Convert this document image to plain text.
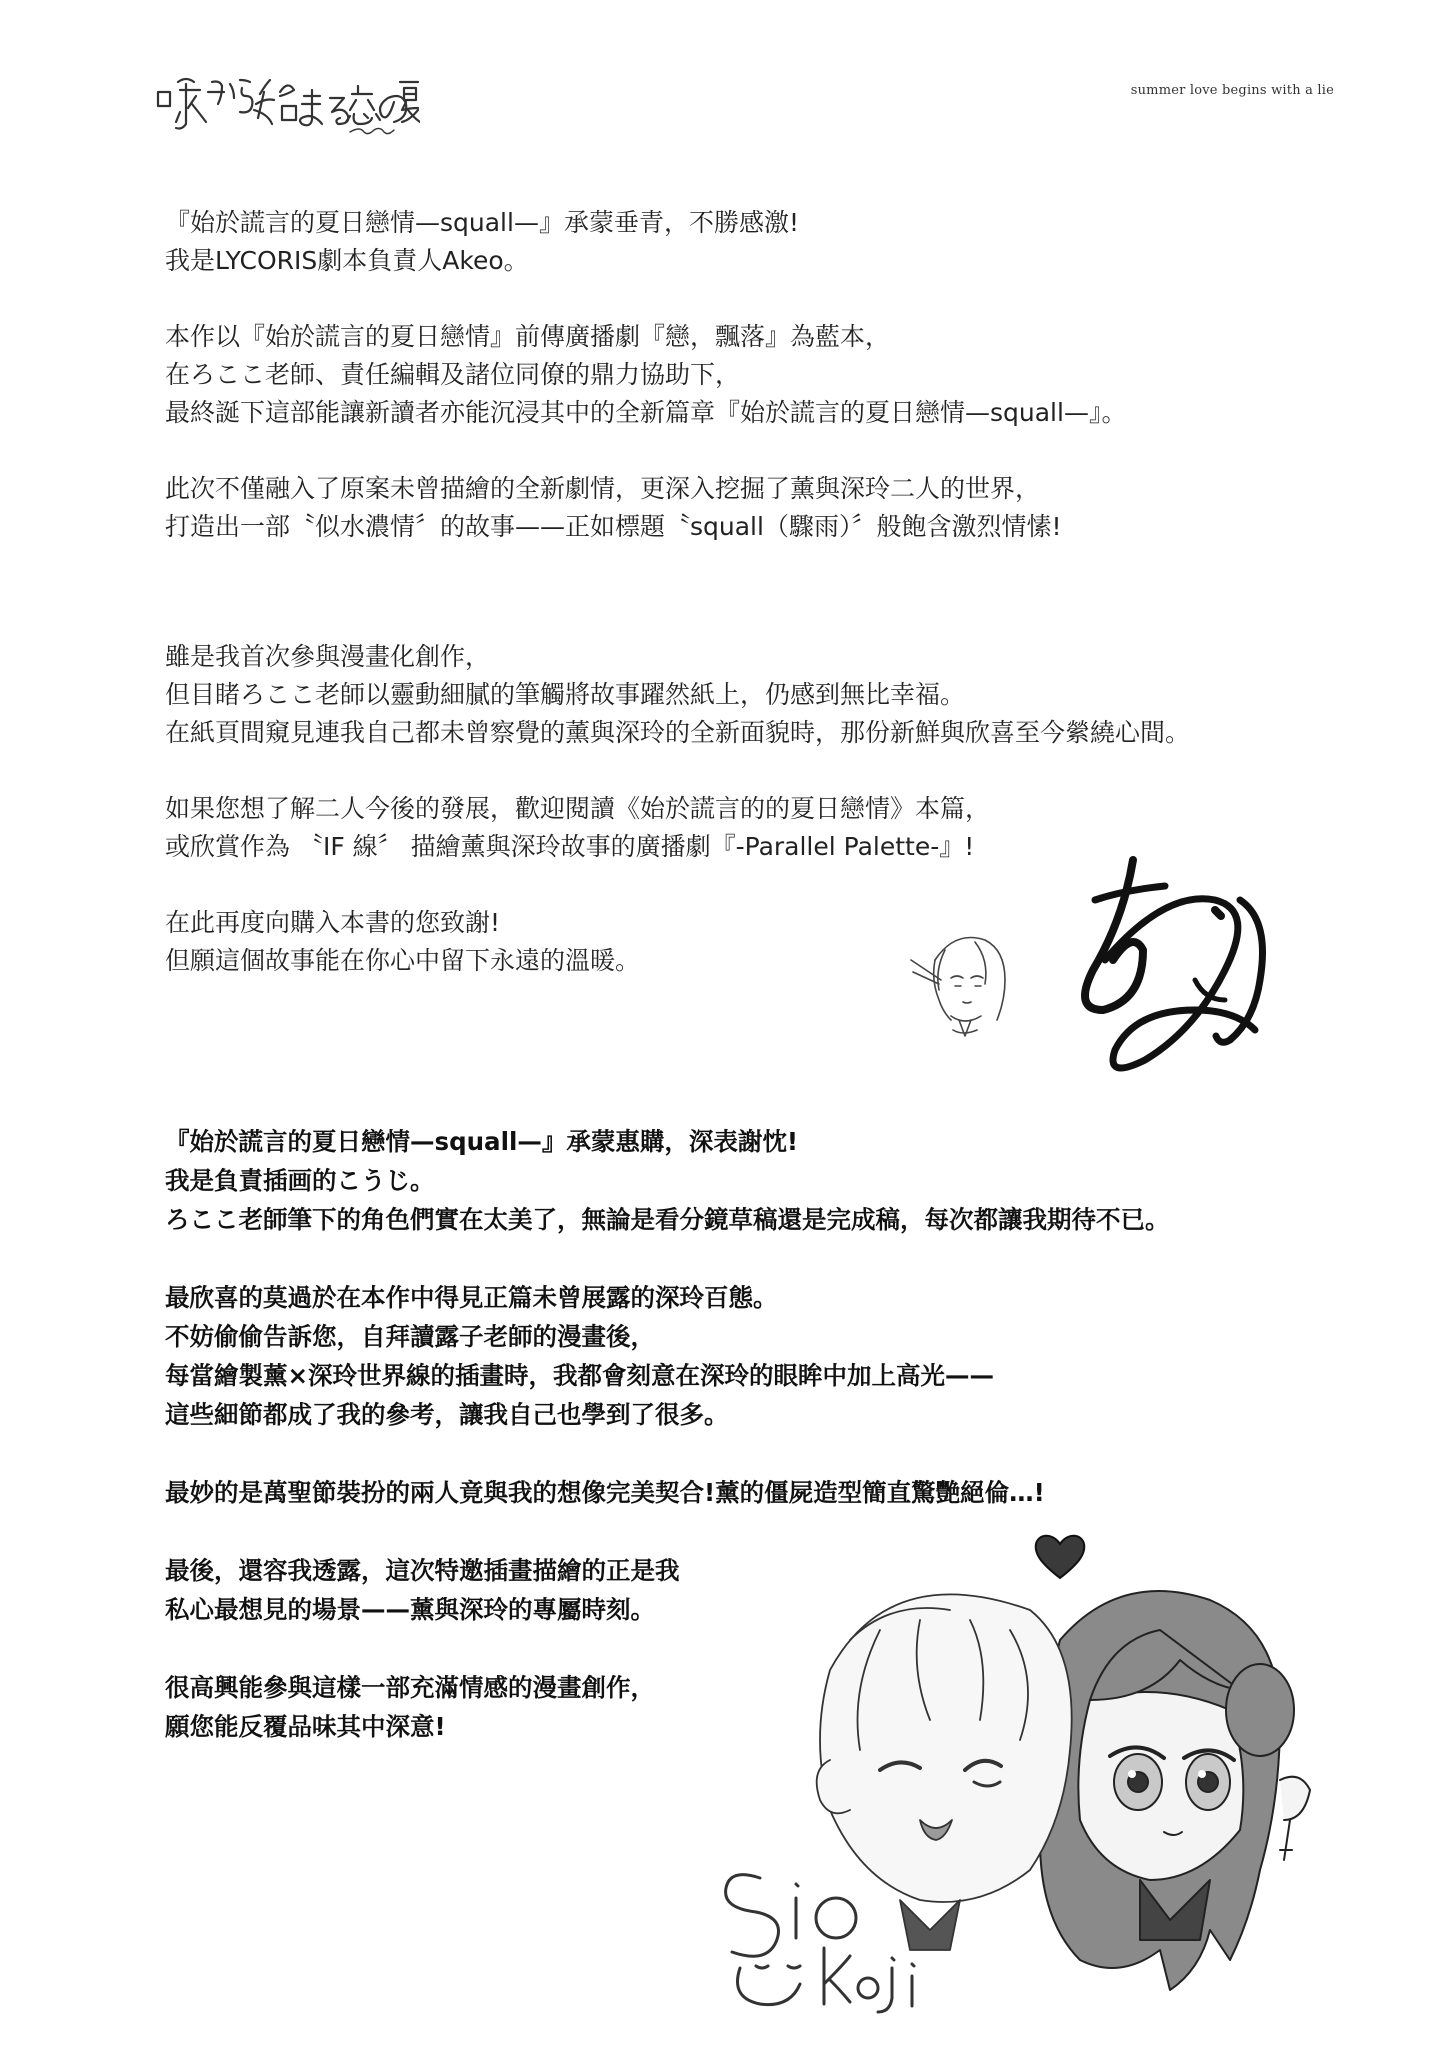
summer love begins with a lie
『始於謊言的夏日戀情—squall—』承蒙垂青，不勝感激!
我是LYCORIS劇本負責人Akeo。
本作以『始於謊言的夏日戀情』前傳廣播劇『戀，飄落』為藍本，
在ろここ老師、責任編輯及諸位同僚的鼎力協助下，
最終誕下這部能讓新讀者亦能沉浸其中的全新篇章『始於謊言的夏日戀情—squall—』。
此次不僅融入了原案未曾描繪的全新劇情，更深入挖掘了薰與深玲二人的世界，
打造出一部〝似水濃情〞的故事——正如標題〝squall（驟雨）〞般飽含激烈情愫!
雖是我首次參與漫畫化創作，
但目睹ろここ老師以靈動細膩的筆觸將故事躍然紙上，仍感到無比幸福。
在紙頁間窺見連我自己都未曾察覺的薰與深玲的全新面貌時，那份新鮮與欣喜至今縈繞心間。
如果您想了解二人今後的發展，歡迎閱讀《始於謊言的的夏日戀情》本篇，
或欣賞作為 〝IF 線〞 描繪薰與深玲故事的廣播劇『-Parallel Palette-』!
在此再度向購入本書的您致謝!
但願這個故事能在你心中留下永遠的溫暖。
『始於謊言的夏日戀情—squall—』承蒙惠購，深表謝忱!
我是負責插画的こうじ。
ろここ老師筆下的角色們實在太美了，無論是看分鏡草稿還是完成稿，每次都讓我期待不已。
最欣喜的莫過於在本作中得見正篇未曾展露的深玲百態。
不妨偷偷告訴您，自拜讀露子老師的漫畫後，
每當繪製薰×深玲世界線的插畫時，我都會刻意在深玲的眼眸中加上高光——
這些細節都成了我的參考，讓我自己也學到了很多。
最妙的是萬聖節裝扮的兩人竟與我的想像完美契合!薰的僵屍造型簡直驚艷絕倫…!
最後，還容我透露，這次特邀插畫描繪的正是我
私心最想見的場景——薰與深玲的專屬時刻。
很高興能參與這樣一部充滿情感的漫畫創作，
願您能反覆品味其中深意!
